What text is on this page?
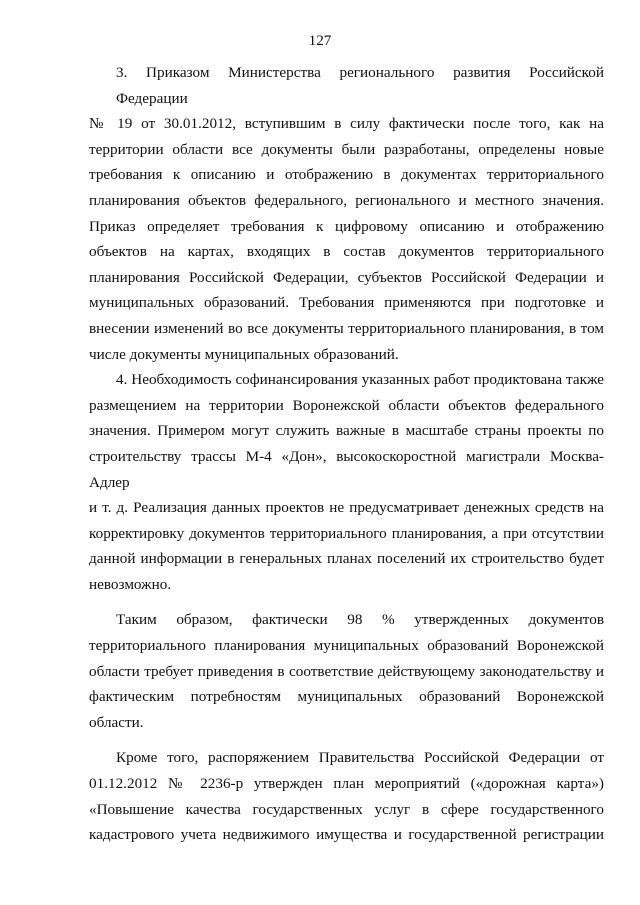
127
3. Приказом Министерства регионального развития Российской Федерации
№ 19 от 30.01.2012, вступившим в силу фактически после того, как на
территории области все документы были разработаны, определены новые
требования к описанию и отображению в документах территориального
планирования объектов федерального, регионального и местного значения.
Приказ определяет требования к цифровому описанию и отображению
объектов на картах, входящих в состав документов территориального
планирования Российской Федерации, субъектов Российской Федерации и
муниципальных образований. Требования применяются при подготовке и
внесении изменений во все документы территориального планирования, в том
числе документы муниципальных образований.
4. Необходимость софинансирования указанных работ продиктована также
размещением на территории Воронежской области объектов федерального
значения. Примером могут служить важные в масштабе страны проекты по
строительству трассы М-4 «Дон», высокоскоростной магистрали Москва-Адлер
и т. д. Реализация данных проектов не предусматривает денежных средств на
корректировку документов территориального планирования, а при отсутствии
данной информации в генеральных планах поселений их строительство будет
невозможно.
Таким образом, фактически 98 % утвержденных документов
территориального планирования муниципальных образований Воронежской
области требует приведения в соответствие действующему законодательству и
фактическим потребностям муниципальных образований Воронежской
области.
Кроме того, распоряжением Правительства Российской Федерации от
01.12.2012 № 2236-р утвержден план мероприятий («дорожная карта»)
«Повышение качества государственных услуг в сфере государственного
кадастрового учета недвижимого имущества и государственной регистрации
